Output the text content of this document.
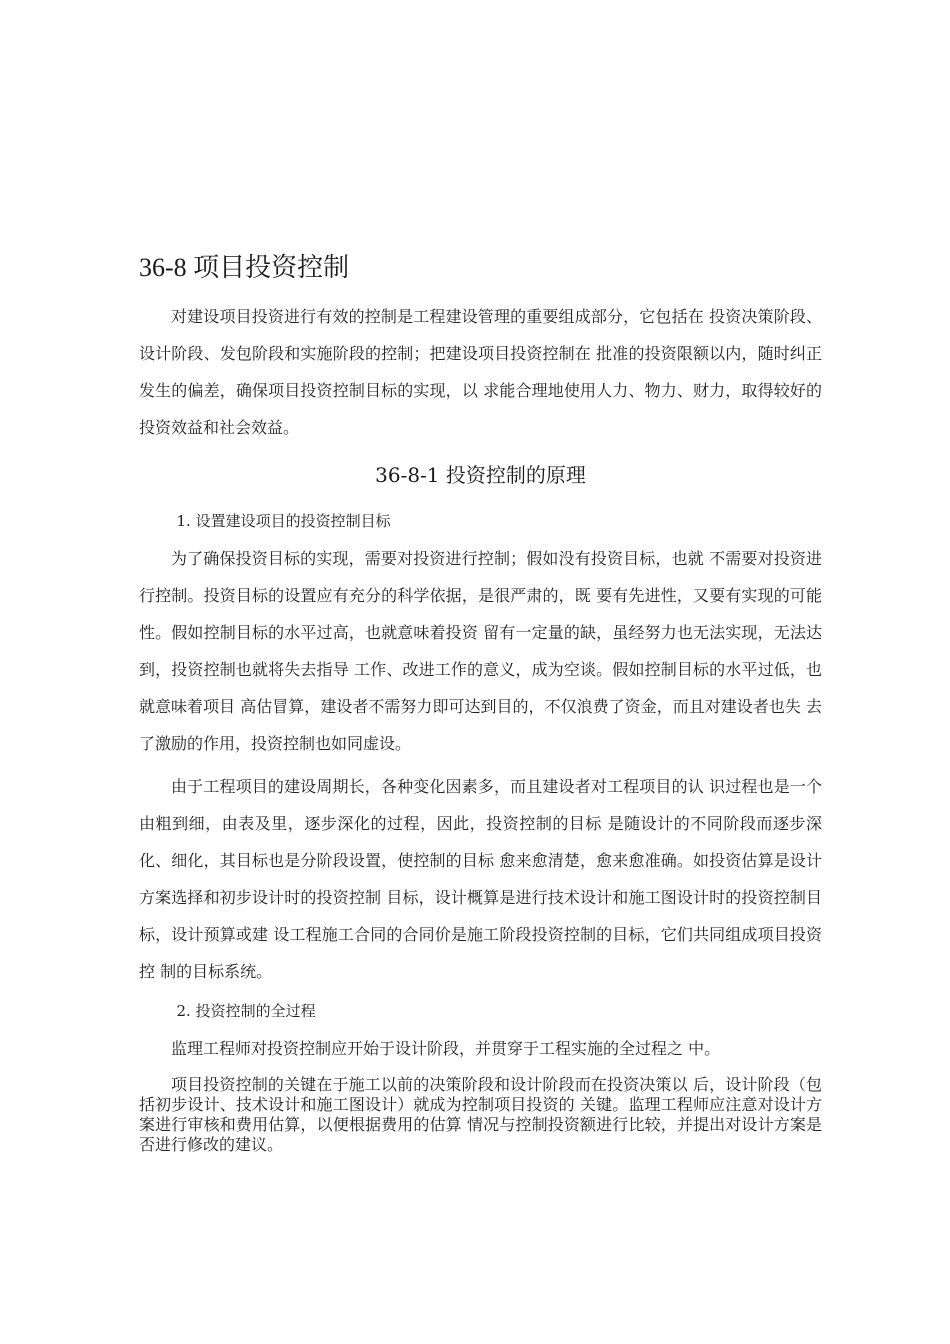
36-8 项目投资控制

对建设项目投资进行有效的控制是工程建设管理的重要组成部分，它包括在 投资决策阶段、设计阶段、发包阶段和实施阶段的控制；把建设项目投资控制在 批准的投资限额以内，随时纠正发生的偏差，确保项目投资控制目标的实现，以 求能合理地使用人力、物力、财力，取得较好的投资效益和社会效益。

36-8-1 投资控制的原理

1. 设置建设项目的投资控制目标

为了确保投资目标的实现，需要对投资进行控制；假如没有投资目标，也就 不需要对投资进行控制。投资目标的设置应有充分的科学依据，是很严肃的，既 要有先进性，又要有实现的可能性。假如控制目标的水平过高，也就意味着投资 留有一定量的缺，虽经努力也无法实现，无法达到，投资控制也就将失去指导 工作、改进工作的意义，成为空谈。假如控制目标的水平过低，也就意味着项目 高估冒算，建设者不需努力即可达到目的，不仅浪费了资金，而且对建设者也失 去了激励的作用，投资控制也如同虚设。

由于工程项目的建设周期长，各种变化因素多，而且建设者对工程项目的认 识过程也是一个由粗到细，由表及里，逐步深化的过程，因此，投资控制的目标 是随设计的不同阶段而逐步深化、细化，其目标也是分阶段设置，使控制的目标 愈来愈清楚，愈来愈准确。如投资估算是设计方案选择和初步设计时的投资控制 目标，设计概算是进行技术设计和施工图设计时的投资控制目标，设计预算或建 设工程施工合同的合同价是施工阶段投资控制的目标，它们共同组成项目投资控 制的目标系统。

2. 投资控制的全过程

监理工程师对投资控制应开始于设计阶段，并贯穿于工程实施的全过程之 中。

项目投资控制的关键在于施工以前的决策阶段和设计阶段而在投资决策以 后，设计阶段（包括初步设计、技术设计和施工图设计）就成为控制项目投资的 关键。监理工程师应注意对设计方案进行审核和费用估算，以便根据费用的估算 情况与控制投资额进行比较，并提出对设计方案是否进行修改的建议。
